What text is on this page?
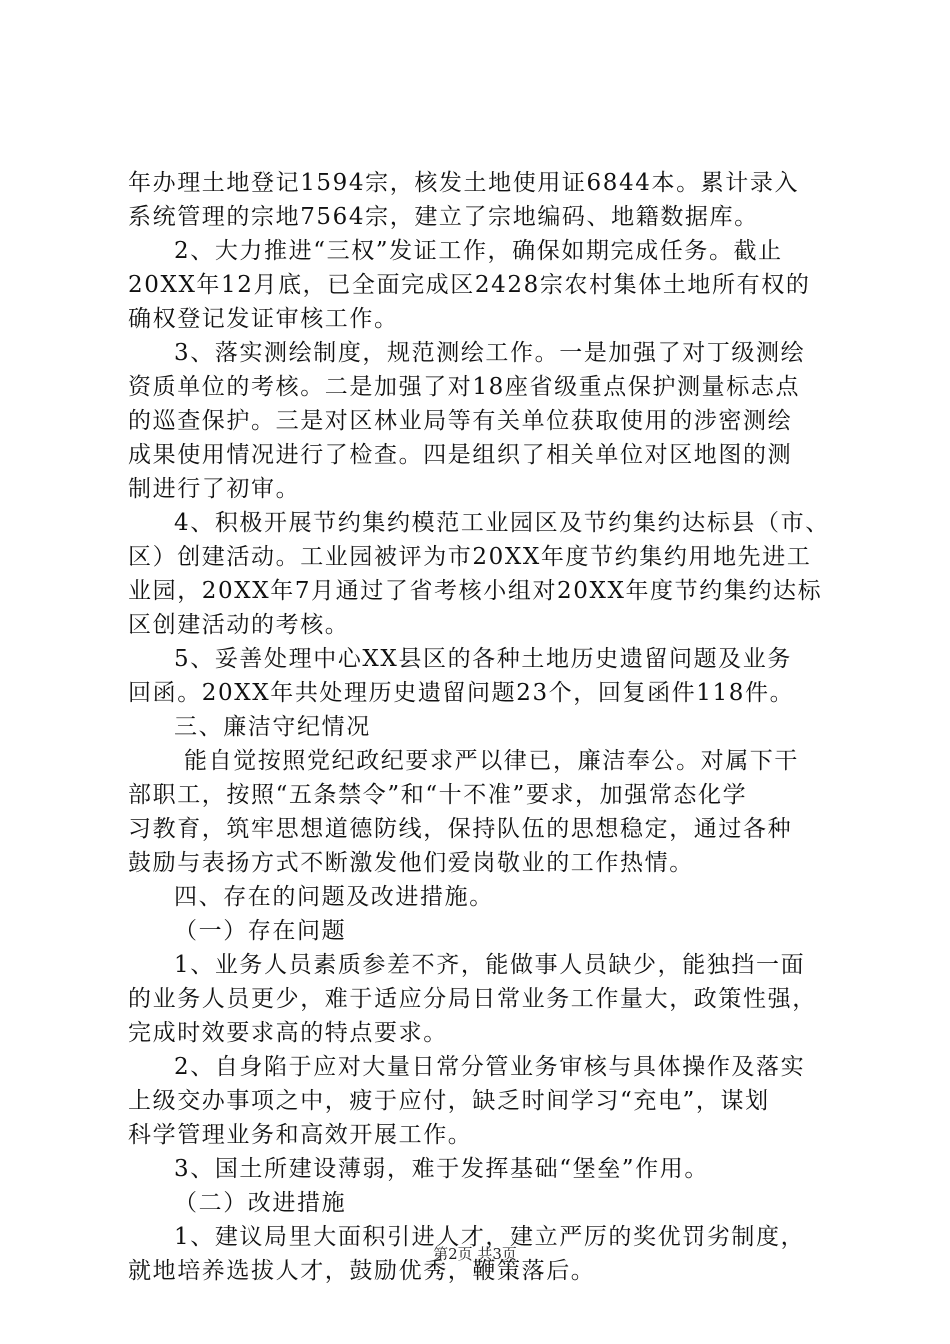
年办理土地登记1594宗，核发土地使用证6844本。累计录入
系统管理的宗地7564宗，建立了宗地编码、地籍数据库。
2、大力推进“三权”发证工作，确保如期完成任务。截止
20XX年12月底，已全面完成区2428宗农村集体土地所有权的
确权登记发证审核工作。
3、落实测绘制度，规范测绘工作。一是加强了对丁级测绘
资质单位的考核。二是加强了对18座省级重点保护测量标志点
的巡查保护。三是对区林业局等有关单位获取使用的涉密测绘
成果使用情况进行了检查。四是组织了相关单位对区地图的测
制进行了初审。
4、积极开展节约集约模范工业园区及节约集约达标县（市、
区）创建活动。工业园被评为市20XX年度节约集约用地先进工
业园，20XX年7月通过了省考核小组对20XX年度节约集约达标
区创建活动的考核。
5、妥善处理中心XX县区的各种土地历史遗留问题及业务
回函。20XX年共处理历史遗留问题23个，回复函件118件。
三、廉洁守纪情况
能自觉按照党纪政纪要求严以律已，廉洁奉公。对属下干
部职工，按照“五条禁令”和“十不准”要求，加强常态化学
习教育，筑牢思想道德防线，保持队伍的思想稳定，通过各种
鼓励与表扬方式不断激发他们爱岗敬业的工作热情。
四、存在的问题及改进措施。
（一）存在问题
1、业务人员素质参差不齐，能做事人员缺少，能独挡一面
的业务人员更少，难于适应分局日常业务工作量大，政策性强，
完成时效要求高的特点要求。
2、自身陷于应对大量日常分管业务审核与具体操作及落实
上级交办事项之中，疲于应付，缺乏时间学习“充电”，谋划
科学管理业务和高效开展工作。
3、国土所建设薄弱，难于发挥基础“堡垒”作用。
（二）改进措施
1、建议局里大面积引进人才，建立严厉的奖优罚劣制度，
就地培养选拔人才，鼓励优秀，鞭策落后。
第2页 共3页
